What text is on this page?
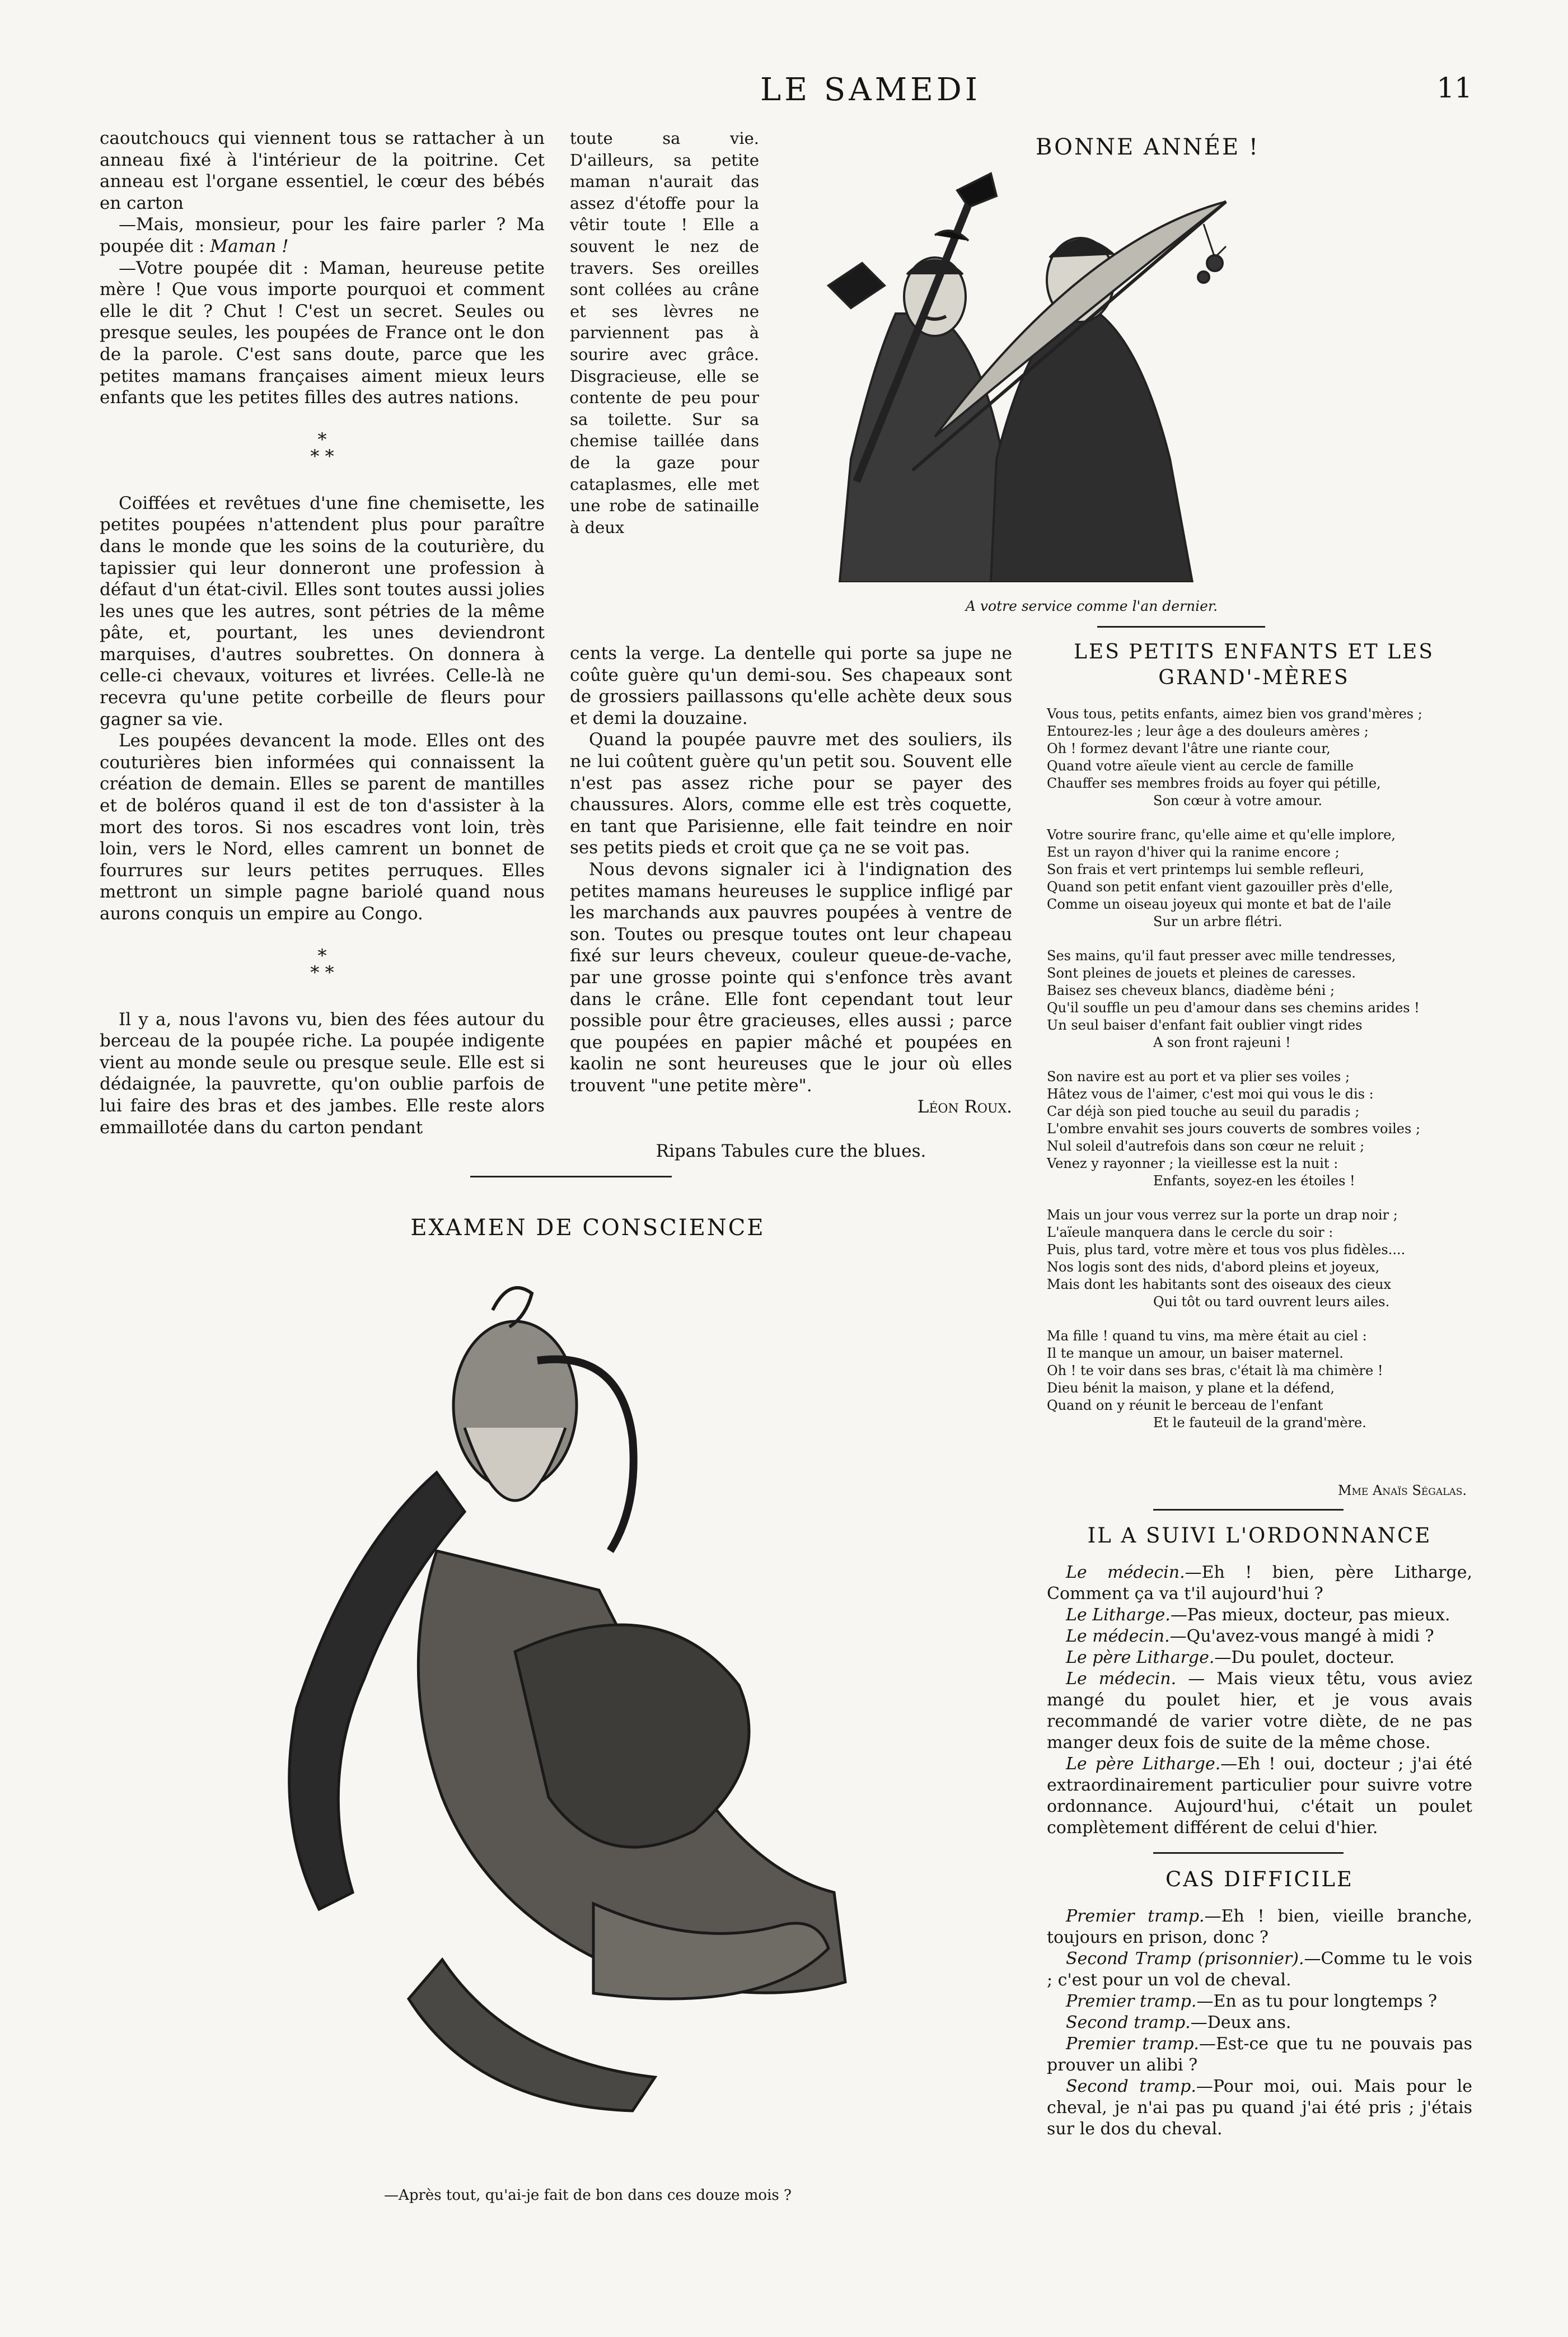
LE SAMEDI	11

caoutchoucs qui viennent tous se rattacher à un anneau fixé à l'intérieur de la poitrine. Cet anneau est l'organe essentiel, le cœur des bébés en carton

—Mais, monsieur, pour les faire parler ? Ma poupée dit : Maman !

—Votre poupée dit : Maman, heureuse petite mère ! Que vous importe pourquoi et comment elle le dit ? Chut ! C'est un secret. Seules ou presque seules, les poupées de France ont le don de la parole. C'est sans doute, parce que les petites mamans françaises aiment mieux leurs enfants que les petites filles des autres nations.

*
* *

Coiffées et revêtues d'une fine chemisette, les petites poupées n'attendent plus pour paraître dans le monde que les soins de la couturière, du tapissier qui leur donneront une profession à défaut d'un état-civil. Elles sont toutes aussi jolies les unes que les autres, sont pétries de la même pâte, et, pourtant, les unes deviendront marquises, d'autres soubrettes. On donnera à celle-ci chevaux, voitures et livrées. Celle-là ne recevra qu'une petite corbeille de fleurs pour gagner sa vie.

Les poupées devancent la mode. Elles ont des couturières bien informées qui connaissent la création de demain. Elles se parent de mantilles et de boléros quand il est de ton d'assister à la mort des toros. Si nos escadres vont loin, très loin, vers le Nord, elles camrent un bonnet de fourrures sur leurs petites perruques. Elles mettront un simple pagne bariolé quand nous aurons conquis un empire au Congo.

*
* *

Il y a, nous l'avons vu, bien des fées autour du berceau de la poupée riche. La poupée indigente vient au monde seule ou presque seule. Elle est si dédaignée, la pauvrette, qu'on oublie parfois de lui faire des bras et des jambes. Elle reste alors emmaillotée dans du carton pendant

toute sa vie. D'ailleurs, sa petite maman n'aurait das assez d'étoffe pour la vêtir toute ! Elle a souvent le nez de travers. Ses oreilles sont collées au crâne et ses lèvres ne parviennent pas à sourire avec grâce. Disgracieuse, elle se contente de peu pour sa toilette. Sur sa chemise taillée dans de la gaze pour cataplasmes, elle met une robe de satinaille à deux

cents la verge. La dentelle qui porte sa jupe ne coûte guère qu'un demi-sou. Ses chapeaux sont de grossiers paillassons qu'elle achète deux sous et demi la douzaine.

Quand la poupée pauvre met des souliers, ils ne lui coûtent guère qu'un petit sou. Souvent elle n'est pas assez riche pour se payer des chaussures. Alors, comme elle est très coquette, en tant que Parisienne, elle fait teindre en noir ses petits pieds et croit que ça ne se voit pas.

Nous devons signaler ici à l'indignation des petites mamans heureuses le supplice infligé par les marchands aux pauvres poupées à ventre de son. Toutes ou presque toutes ont leur chapeau fixé sur leurs cheveux, couleur queue-de-vache, par une grosse pointe qui s'enfonce très avant dans le crâne. Elle font cependant tout leur possible pour être gracieuses, elles aussi ; parce que poupées en papier mâché et poupées en kaolin ne sont heureuses que le jour où elles trouvent "une petite mère".

Léon Roux.

Ripans Tabules cure the blues.

BONNE ANNÉE !
A votre service comme l'an dernier.
EXAMEN DE CONSCIENCE
—Après tout, qu'ai-je fait de bon dans ces douze mois ?
LES PETITS ENFANTS ET LES GRAND'-MÈRES
Vous tous, petits enfants, aimez bien vos grand'mères ;
Entourez-les ; leur âge a des douleurs amères ;
Oh ! formez devant l'âtre une riante cour,
Quand votre aïeule vient au cercle de famille
Chauffer ses membres froids au foyer qui pétille,
Son cœur à votre amour.
Votre sourire franc, qu'elle aime et qu'elle implore,
Est un rayon d'hiver qui la ranime encore ;
Son frais et vert printemps lui semble refleuri,
Quand son petit enfant vient gazouiller près d'elle,
Comme un oiseau joyeux qui monte et bat de l'aile
Sur un arbre flétri.
Ses mains, qu'il faut presser avec mille tendresses,
Sont pleines de jouets et pleines de caresses.
Baisez ses cheveux blancs, diadème béni ;
Qu'il souffle un peu d'amour dans ses chemins arides !
Un seul baiser d'enfant fait oublier vingt rides
A son front rajeuni !
Son navire est au port et va plier ses voiles ;
Hâtez vous de l'aimer, c'est moi qui vous le dis :
Car déjà son pied touche au seuil du paradis ;
L'ombre envahit ses jours couverts de sombres voiles ;
Nul soleil d'autrefois dans son cœur ne reluit ;
Venez y rayonner ; la vieillesse est la nuit :
Enfants, soyez-en les étoiles !
Mais un jour vous verrez sur la porte un drap noir ;
L'aïeule manquera dans le cercle du soir :
Puis, plus tard, votre mère et tous vos plus fidèles....
Nos logis sont des nids, d'abord pleins et joyeux,
Mais dont les habitants sont des oiseaux des cieux
Qui tôt ou tard ouvrent leurs ailes.
Ma fille ! quand tu vins, ma mère était au ciel :
Il te manque un amour, un baiser maternel.
Oh ! te voir dans ses bras, c'était là ma chimère !
Dieu bénit la maison, y plane et la défend,
Quand on y réunit le berceau de l'enfant
Et le fauteuil de la grand'mère.
Mme Anaïs Ségalas.
IL A SUIVI L'ORDONNANCE

Le médecin.—Eh ! bien, père Litharge, Comment ça va t'il aujourd'hui ?

Le Litharge.—Pas mieux, docteur, pas mieux.

Le médecin.—Qu'avez-vous mangé à midi ?

Le père Litharge.—Du poulet, docteur.

Le médecin. — Mais vieux têtu, vous aviez mangé du poulet hier, et je vous avais recommandé de varier votre diète, de ne pas manger deux fois de suite de la même chose.

Le père Litharge.—Eh ! oui, docteur ; j'ai été extraordinairement particulier pour suivre votre ordonnance. Aujourd'hui, c'était un poulet complètement différent de celui d'hier.

CAS DIFFICILE

Premier tramp.—Eh ! bien, vieille branche, toujours en prison, donc ?

Second Tramp (prisonnier).—Comme tu le vois ; c'est pour un vol de cheval.

Premier tramp.—En as tu pour longtemps ?

Second tramp.—Deux ans.

Premier tramp.—Est-ce que tu ne pouvais pas prouver un alibi ?

Second tramp.—Pour moi, oui. Mais pour le cheval, je n'ai pas pu quand j'ai été pris ; j'étais sur le dos du cheval.
